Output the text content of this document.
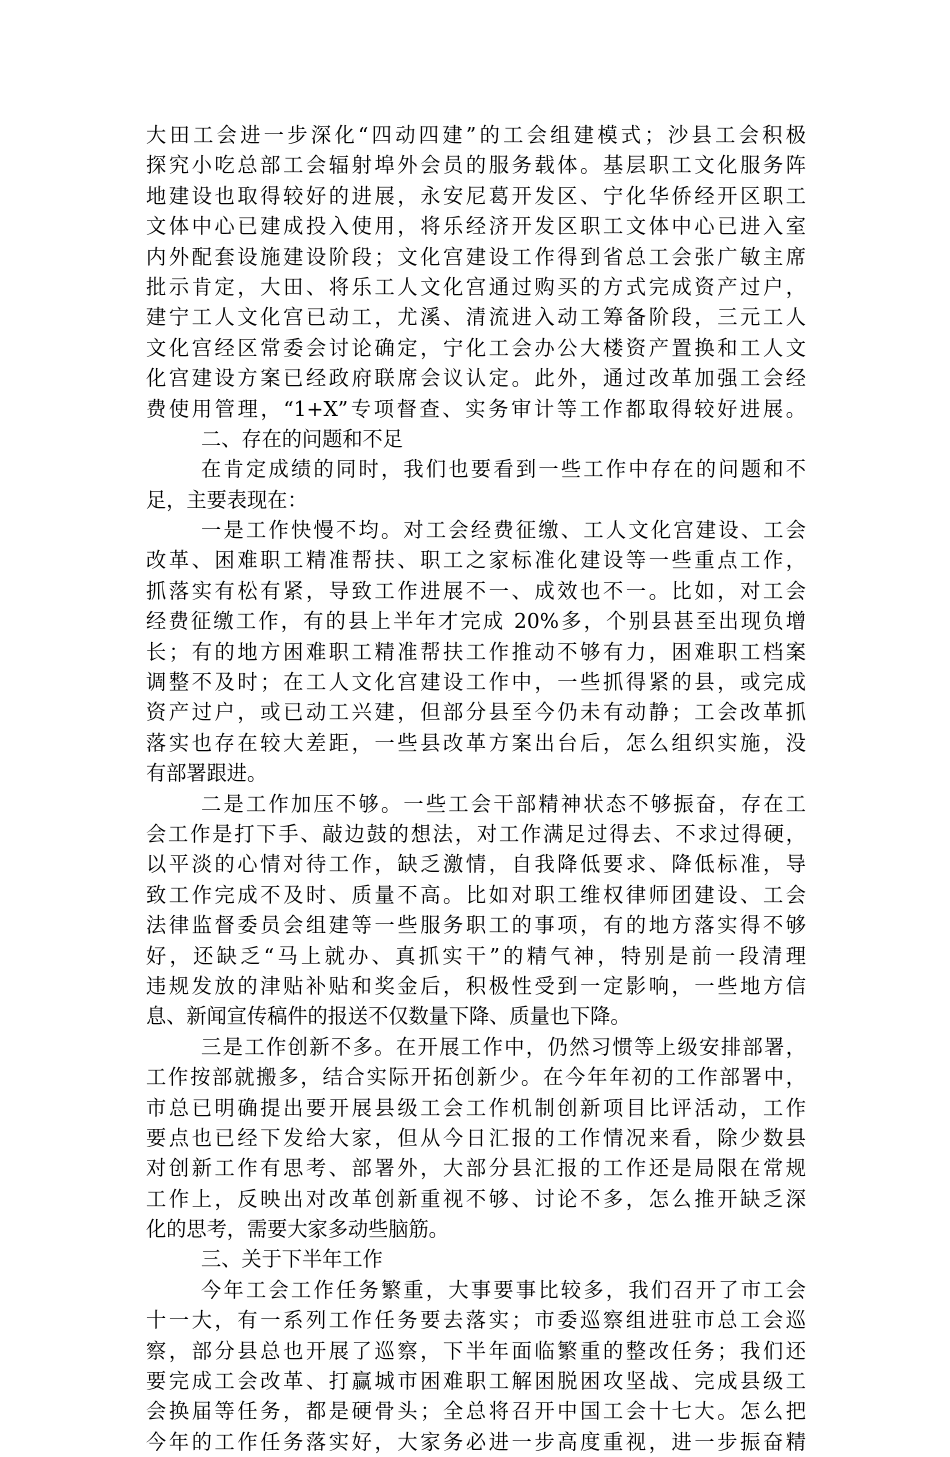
大田工会进一步深化“四动四建”的工会组建模式；沙县工会积极
探究小吃总部工会辐射埠外会员的服务载体。基层职工文化服务阵
地建设也取得较好的进展，永安尼葛开发区、宁化华侨经开区职工
文体中心已建成投入使用，将乐经济开发区职工文体中心已进入室
内外配套设施建设阶段；文化宫建设工作得到省总工会张广敏主席
批示肯定，大田、将乐工人文化宫通过购买的方式完成资产过户，
建宁工人文化宫已动工，尤溪、清流进入动工筹备阶段，三元工人
文化宫经区常委会讨论确定，宁化工会办公大楼资产置换和工人文
化宫建设方案已经政府联席会议认定。此外，通过改革加强工会经
费使用管理，“1+X”专项督查、实务审计等工作都取得较好进展。
二、存在的问题和不足
在肯定成绩的同时，我们也要看到一些工作中存在的问题和不
足，主要表现在：
一是工作快慢不均。对工会经费征缴、工人文化宫建设、工会
改革、困难职工精准帮扶、职工之家标准化建设等一些重点工作，
抓落实有松有紧，导致工作进展不一、成效也不一。比如，对工会
经费征缴工作，有的县上半年才完成 20%多，个别县甚至出现负增
长；有的地方困难职工精准帮扶工作推动不够有力，困难职工档案
调整不及时；在工人文化宫建设工作中，一些抓得紧的县，或完成
资产过户，或已动工兴建，但部分县至今仍未有动静；工会改革抓
落实也存在较大差距，一些县改革方案出台后，怎么组织实施，没
有部署跟进。
二是工作加压不够。一些工会干部精神状态不够振奋，存在工
会工作是打下手、敲边鼓的想法，对工作满足过得去、不求过得硬，
以平淡的心情对待工作，缺乏激情，自我降低要求、降低标准，导
致工作完成不及时、质量不高。比如对职工维权律师团建设、工会
法律监督委员会组建等一些服务职工的事项，有的地方落实得不够
好，还缺乏“马上就办、真抓实干”的精气神，特别是前一段清理
违规发放的津贴补贴和奖金后，积极性受到一定影响，一些地方信
息、新闻宣传稿件的报送不仅数量下降、质量也下降。
三是工作创新不多。在开展工作中，仍然习惯等上级安排部署，
工作按部就搬多，结合实际开拓创新少。在今年年初的工作部署中，
市总已明确提出要开展县级工会工作机制创新项目比评活动，工作
要点也已经下发给大家，但从今日汇报的工作情况来看，除少数县
对创新工作有思考、部署外，大部分县汇报的工作还是局限在常规
工作上，反映出对改革创新重视不够、讨论不多，怎么推开缺乏深
化的思考，需要大家多动些脑筋。
三、关于下半年工作
今年工会工作任务繁重，大事要事比较多，我们召开了市工会
十一大，有一系列工作任务要去落实；市委巡察组进驻市总工会巡
察，部分县总也开展了巡察，下半年面临繁重的整改任务；我们还
要完成工会改革、打赢城市困难职工解困脱困攻坚战、完成县级工
会换届等任务，都是硬骨头；全总将召开中国工会十七大。怎么把
今年的工作任务落实好，大家务必进一步高度重视，进一步振奋精
